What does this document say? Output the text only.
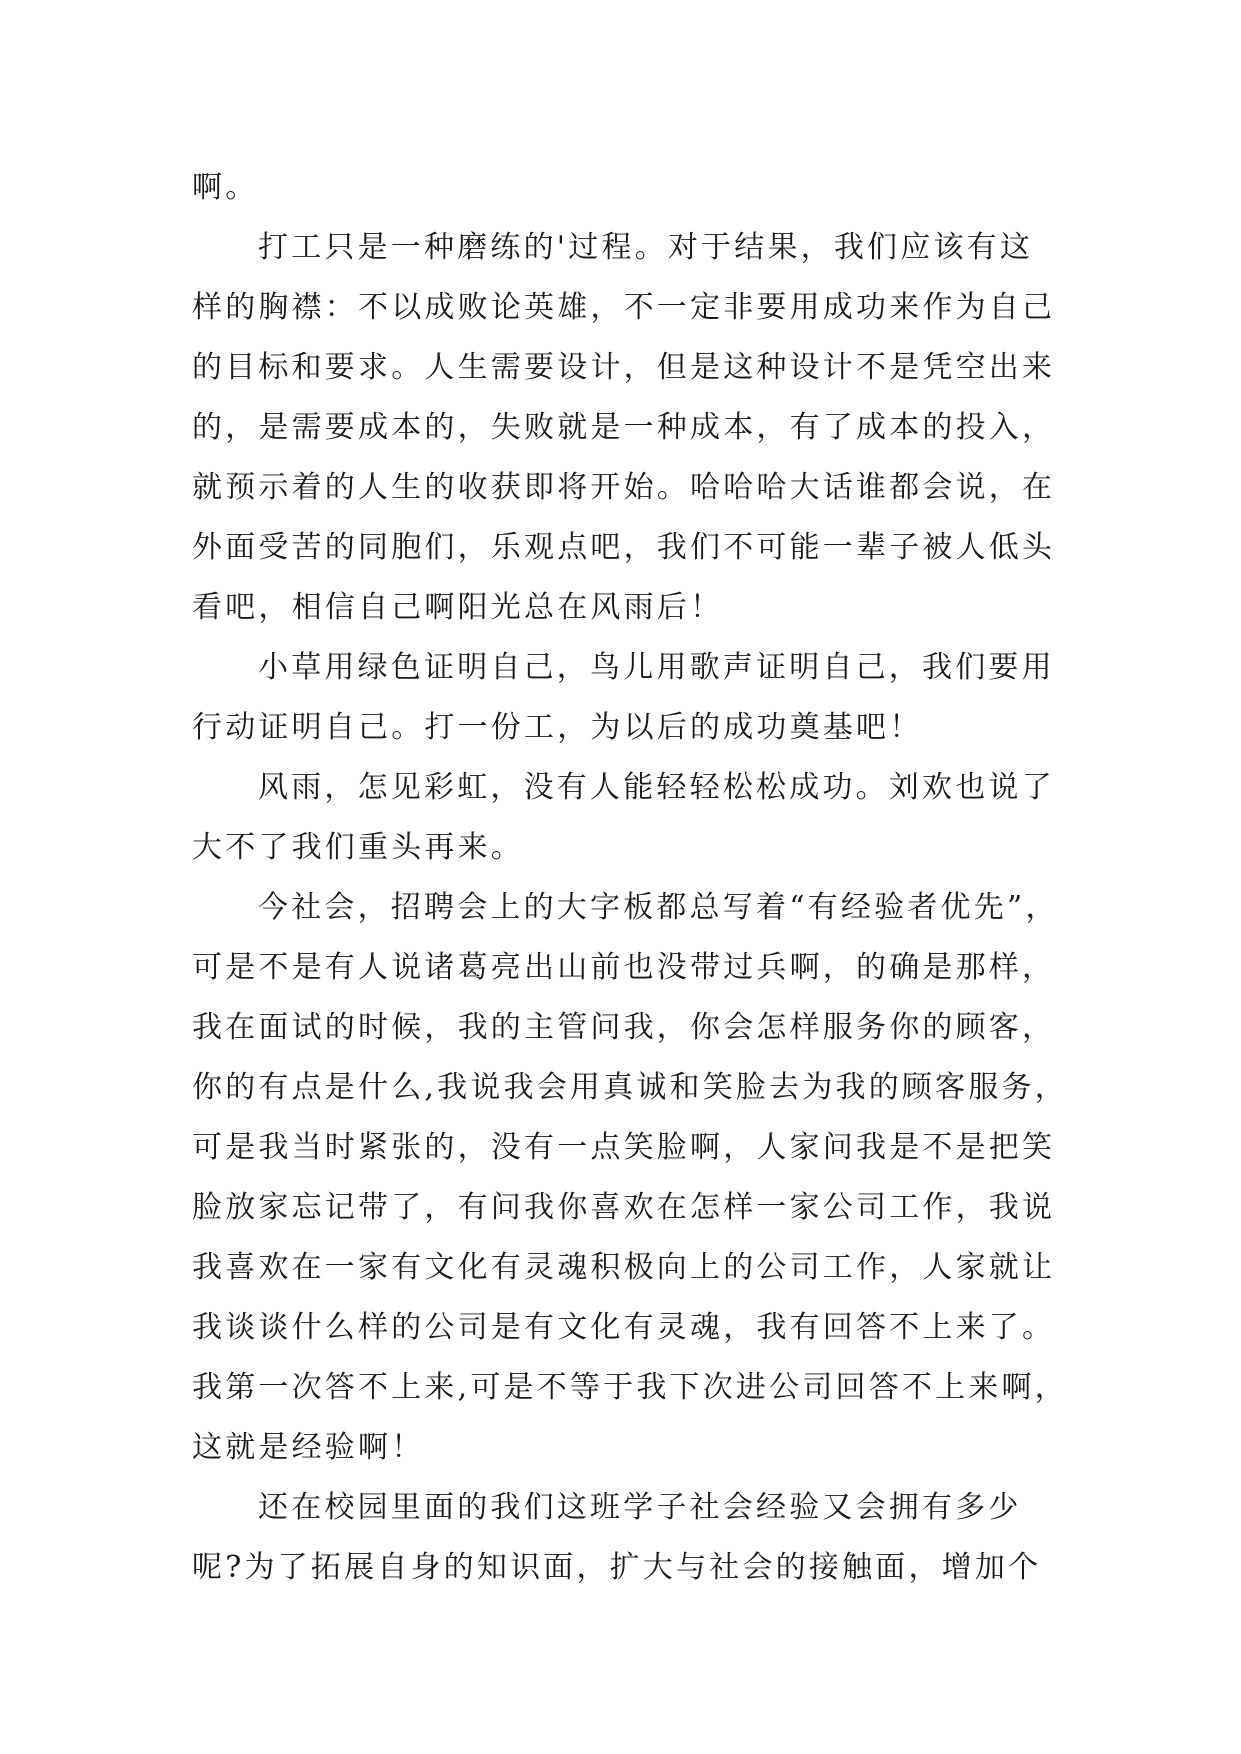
啊。
打工只是一种磨练的'过程。对于结果，我们应该有这
样的胸襟：不以成败论英雄，不一定非要用成功来作为自己
的目标和要求。人生需要设计，但是这种设计不是凭空出来
的，是需要成本的，失败就是一种成本，有了成本的投入，
就预示着的人生的收获即将开始。哈哈哈大话谁都会说，在
外面受苦的同胞们，乐观点吧，我们不可能一辈子被人低头
看吧，相信自己啊阳光总在风雨后！
小草用绿色证明自己，鸟儿用歌声证明自己，我们要用
行动证明自己。打一份工，为以后的成功奠基吧！
风雨，怎见彩虹，没有人能轻轻松松成功。刘欢也说了
大不了我们重头再来。
今社会，招聘会上的大字板都总写着“有经验者优先”，
可是不是有人说诸葛亮出山前也没带过兵啊，的确是那样，
我在面试的时候，我的主管问我，你会怎样服务你的顾客，
你的有点是什么,我说我会用真诚和笑脸去为我的顾客服务，
可是我当时紧张的，没有一点笑脸啊，人家问我是不是把笑
脸放家忘记带了，有问我你喜欢在怎样一家公司工作，我说
我喜欢在一家有文化有灵魂积极向上的公司工作，人家就让
我谈谈什么样的公司是有文化有灵魂，我有回答不上来了。
我第一次答不上来,可是不等于我下次进公司回答不上来啊，
这就是经验啊！
还在校园里面的我们这班学子社会经验又会拥有多少
呢?为了拓展自身的知识面，扩大与社会的接触面，增加个
